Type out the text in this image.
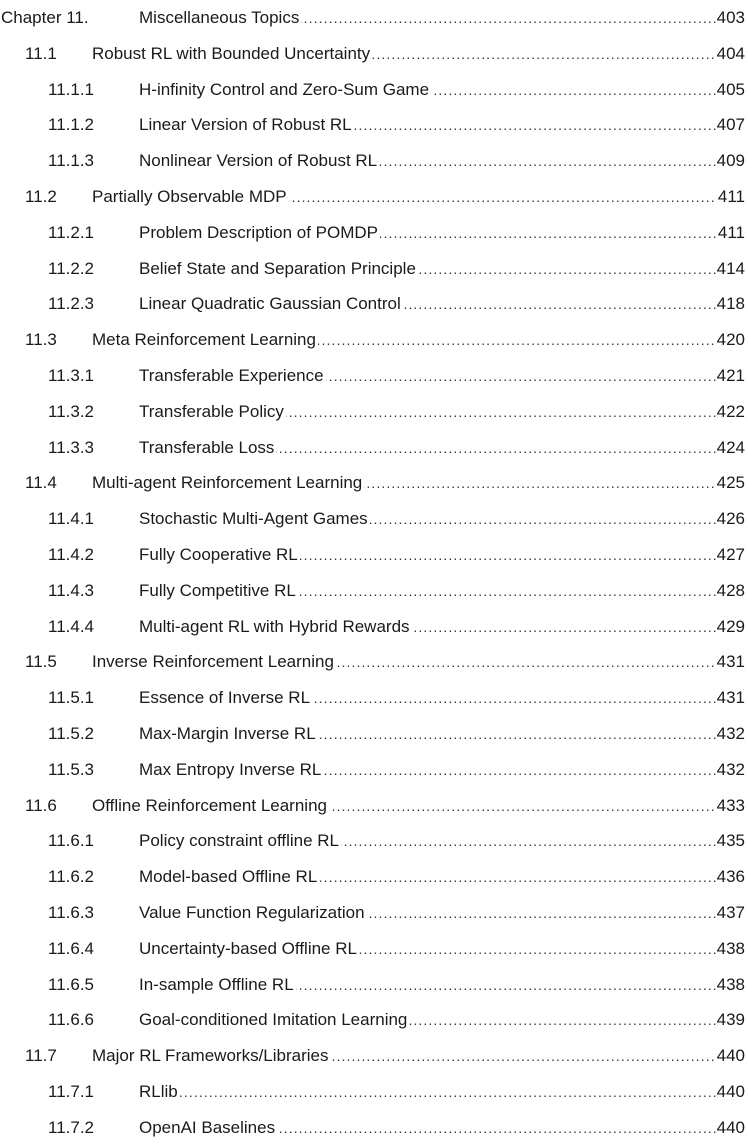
Chapter 11. .....	Miscellaneous Topics	403
11.1 ..... Robust RL with Bounded Uncertainty	404
11.1.1 .....	H-infinity Control and Zero-Sum Game	405
11.1.2 .....	Linear Version of Robust RL	407
11.1.3 .....	Nonlinear Version of Robust RL	409
11.2 ..... Partially Observable MDP	411
11.2.1 .....	Problem Description of POMDP	411
11.2.2 .....	Belief State and Separation Principle	414
11.2.3 .....	Linear Quadratic Gaussian Control	418
11.3 ..... Meta Reinforcement Learning	420
11.3.1 .....	Transferable Experience	421
11.3.2 .....	Transferable Policy	422
11.3.3 .....	Transferable Loss	424
11.4 ..... Multi-agent Reinforcement Learning	425
11.4.1 .....	Stochastic Multi-Agent Games	426
11.4.2 .....	Fully Cooperative RL	427
11.4.3 .....	Fully Competitive RL	428
11.4.4 .....	Multi-agent RL with Hybrid Rewards	429
11.5 ..... Inverse Reinforcement Learning	431
11.5.1 .....	Essence of Inverse RL	431
11.5.2 .....	Max-Margin Inverse RL	432
11.5.3 .....	Max Entropy Inverse RL	432
11.6 ..... Offline Reinforcement Learning	433
11.6.1 .....	Policy constraint offline RL	435
11.6.2 .....	Model-based Offline RL	436
11.6.3 .....	Value Function Regularization	437
11.6.4 .....	Uncertainty-based Offline RL	438
11.6.5 .....	In-sample Offline RL	438
11.6.6 .....	Goal-conditioned Imitation Learning	439
11.7 ..... Major RL Frameworks/Libraries	440
11.7.1 .....	RLlib	440
11.7.2 .....	OpenAI Baselines	440
